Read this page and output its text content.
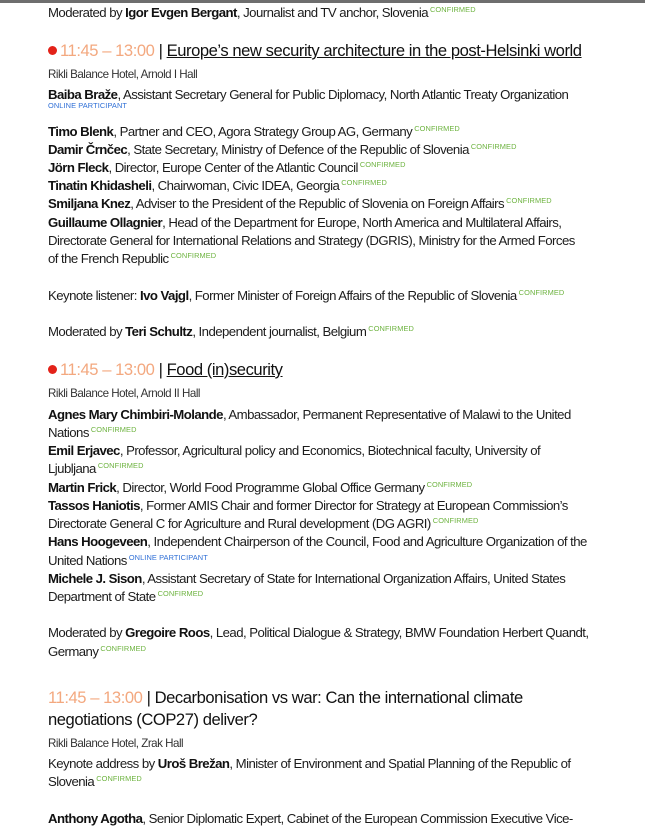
Moderated by Igor Evgen Bergant, Journalist and TV anchor, Slovenia $^{CONFIRMED}$
11:45 – 13:00 | Europe’s new security architecture in the post-Helsinki world
Rikli Balance Hotel, Arnold I Hall
Baiba Braže, Assistant Secretary General for Public Diplomacy, North Atlantic Treaty Organization
ONLINE PARTICIPANT
Timo Blenk, Partner and CEO, Agora Strategy Group AG, Germany $^{CONFIRMED}$
Damir Črnčec, State Secretary, Ministry of Defence of the Republic of Slovenia $^{CONFIRMED}$
Jörn Fleck, Director, Europe Center of the Atlantic Council $^{CONFIRMED}$
Tinatin Khidasheli, Chairwoman, Civic IDEA, Georgia $^{CONFIRMED}$
Smiljana Knez, Adviser to the President of the Republic of Slovenia on Foreign Affairs $^{CONFIRMED}$
Guillaume Ollagnier, Head of the Department for Europe, North America and Multilateral Affairs,
Directorate General for International Relations and Strategy (DGRIS), Ministry for the Armed Forces
of the French Republic $^{CONFIRMED}$
Keynote listener: Ivo Vajgl, Former Minister of Foreign Affairs of the Republic of Slovenia $^{CONFIRMED}$
Moderated by Teri Schultz, Independent journalist, Belgium $^{CONFIRMED}$
11:45 – 13:00 | Food (in)security
Rikli Balance Hotel, Arnold II Hall
Agnes Mary Chimbiri-Molande, Ambassador, Permanent Representative of Malawi to the United
Nations $^{CONFIRMED}$
Emil Erjavec, Professor, Agricultural policy and Economics, Biotechnical faculty, University of
Ljubljana $^{CONFIRMED}$
Martin Frick, Director, World Food Programme Global Office Germany $^{CONFIRMED}$
Tassos Haniotis, Former AMIS Chair and former Director for Strategy at European Commission’s
Directorate General C for Agriculture and Rural development (DG AGRI) $^{CONFIRMED}$
Hans Hoogeveen, Independent Chairperson of the Council, Food and Agriculture Organization of the
United Nations $^{ONLINE PARTICIPANT}$
Michele J. Sison, Assistant Secretary of State for International Organization Affairs, United States
Department of State $^{CONFIRMED}$
Moderated by Gregoire Roos, Lead, Political Dialogue & Strategy, BMW Foundation Herbert Quandt,
Germany $^{CONFIRMED}$
11:45 – 13:00 | Decarbonisation vs war: Can the international climate
negotiations (COP27) deliver?
Rikli Balance Hotel, Zrak Hall
Keynote address by Uroš Brežan, Minister of Environment and Spatial Planning of the Republic of
Slovenia $^{CONFIRMED}$
Anthony Agotha, Senior Diplomatic Expert, Cabinet of the European Commission Executive Vice-
